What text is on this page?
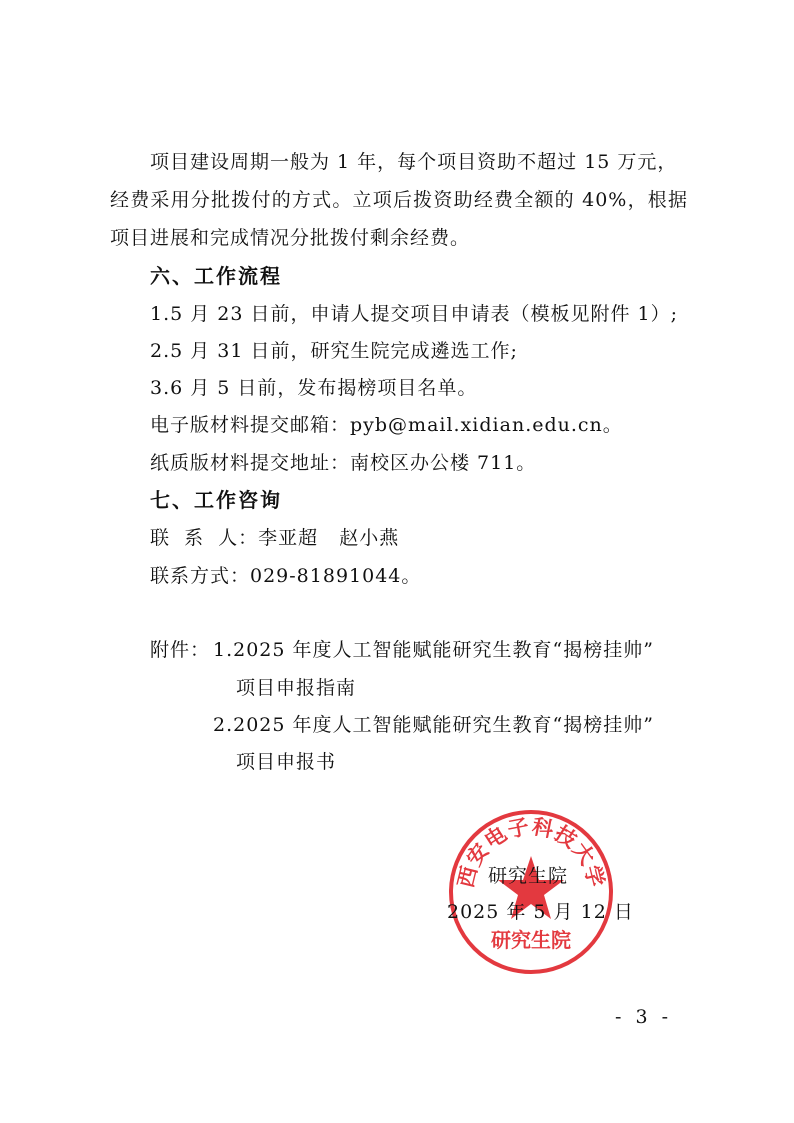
项目建设周期一般为 1 年，每个项目资助不超过 15 万元，
经费采用分批拨付的方式。立项后拨资助经费全额的 40%，根据
项目进展和完成情况分批拨付剩余经费。
六、工作流程
1.5 月 23 日前，申请人提交项目申请表（模板见附件 1）;
2.5 月 31 日前，研究生院完成遴选工作;
3.6 月 5 日前，发布揭榜项目名单。
电子版材料提交邮箱：pyb@mail.xidian.edu.cn。
纸质版材料提交地址：南校区办公楼 711。
七、工作咨询
联  系  人：李亚超   赵小燕
联系方式：029-81891044。
附件： 1.2025 年度人工智能赋能研究生教育“揭榜挂帅”
项目申报指南
2.2025 年度人工智能赋能研究生教育“揭榜挂帅”
项目申报书
西安电子科技大学
研究生院
研究生院
2025 年 5 月 12 日
- 3 -
